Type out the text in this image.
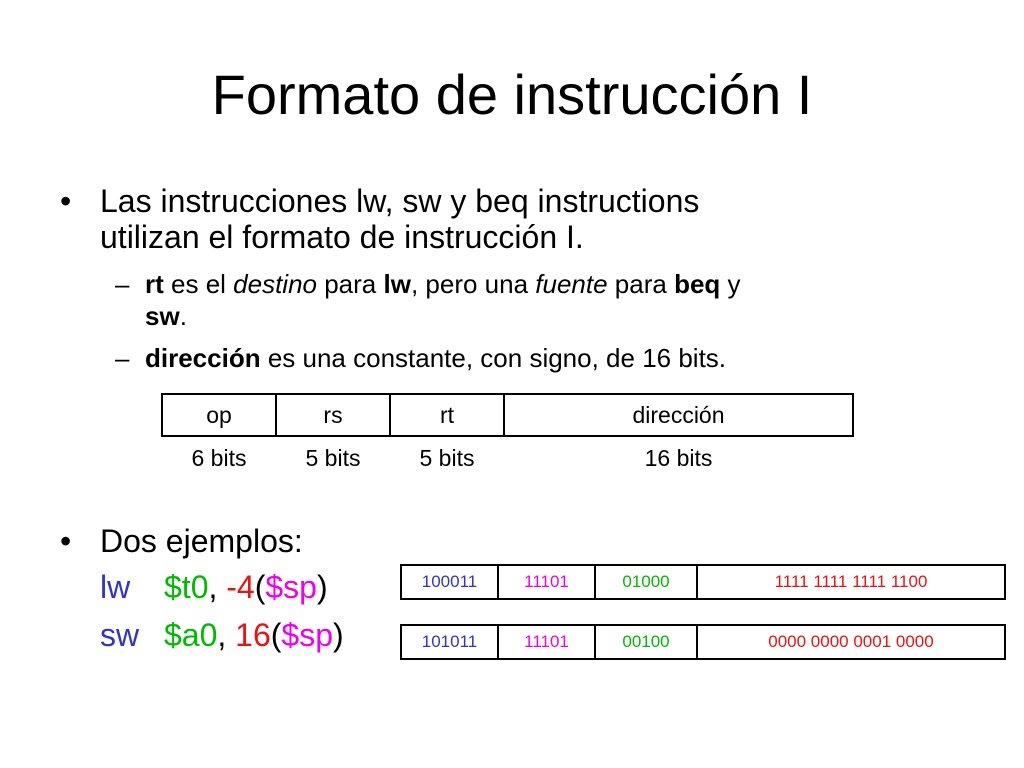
Formato de instrucción I
• Las instrucciones lw, sw y beq instructions
utilizan el formato de instrucción I.
– rt es el destino para lw, pero una fuente para beq y
sw.
– dirección es una constante, con signo, de 16 bits.
op	rs	rt	dirección
6 bits	5 bits	5 bits	16 bits
• Dos ejemplos:
lw $t0, -4($sp)	100011	11101	01000	1111 1111 1111 1100
sw $a0, 16($sp)	101011	11101	00100	0000 0000 0001 0000
